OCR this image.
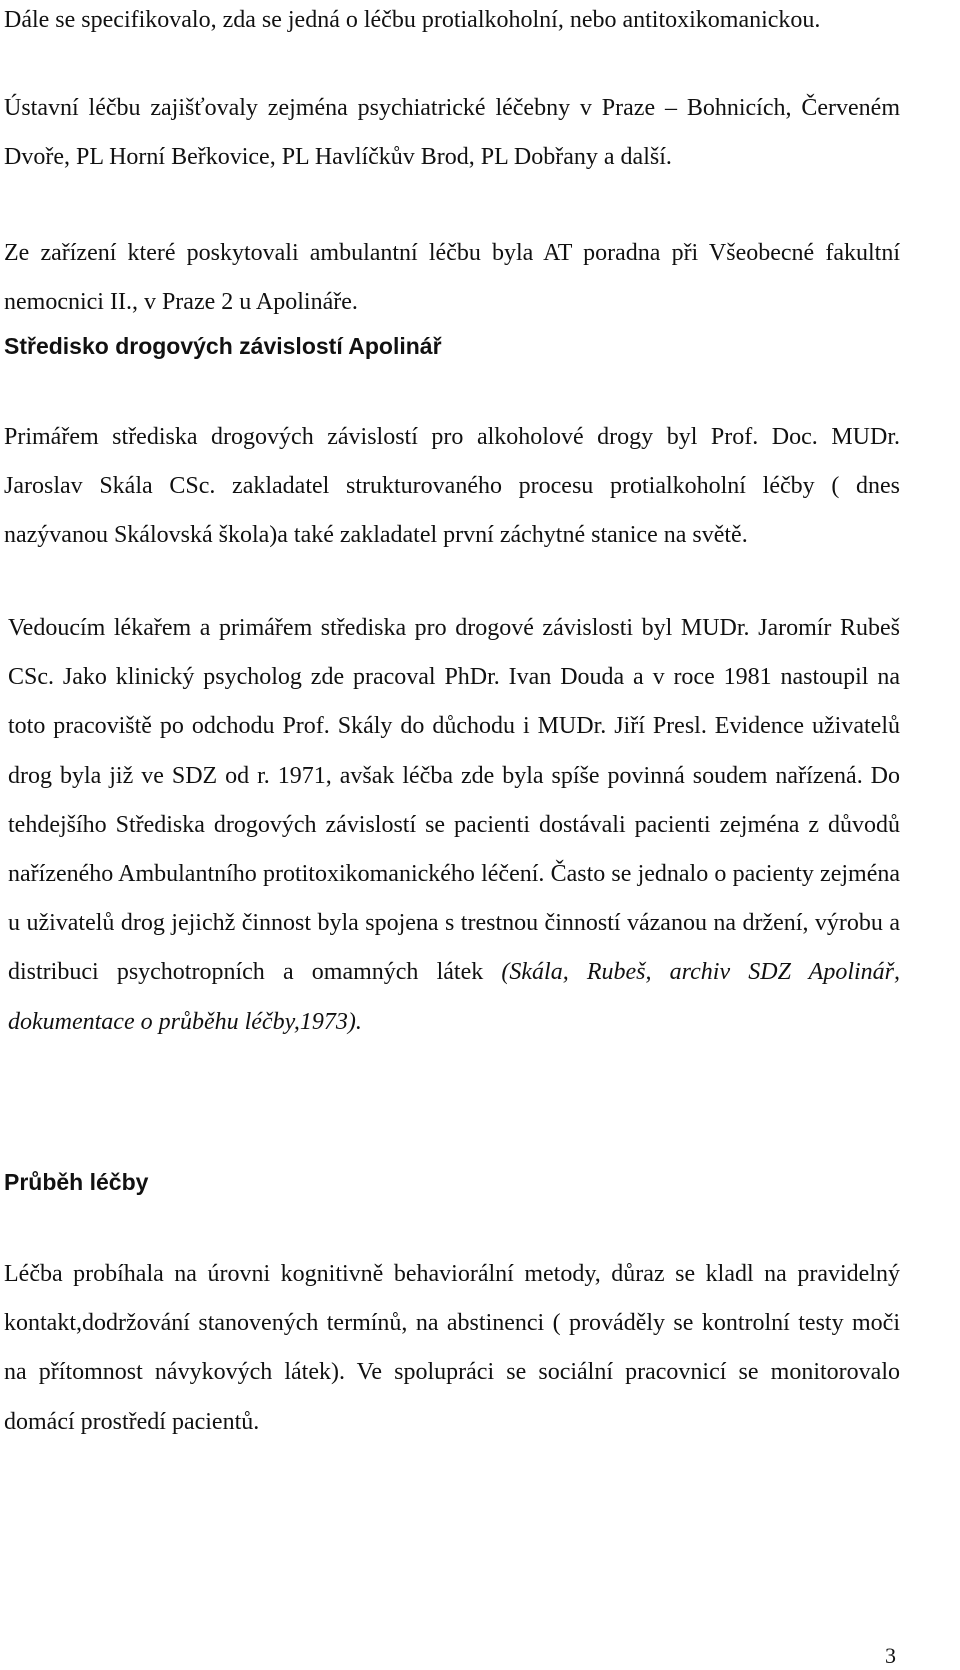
Dále se specifikovalo, zda se jedná o léčbu protialkoholní, nebo antitoxikomanickou.

Ústavní léčbu zajišťovaly zejména psychiatrické léčebny v Praze – Bohnicích, Červeném Dvoře, PL Horní Beřkovice, PL Havlíčkův Brod, PL Dobřany a další.

Ze zařízení které poskytovali ambulantní léčbu byla AT poradna při Všeobecné fakultní nemocnici II., v Praze 2 u Apolináře.

Středisko drogových závislostí Apolinář

Primářem střediska drogových závislostí pro alkoholové drogy byl Prof. Doc. MUDr. Jaroslav Skála CSc. zakladatel strukturovaného procesu protialkoholní léčby ( dnes nazývanou Skálovská škola)a také zakladatel první záchytné stanice na světě.

Vedoucím lékařem a primářem střediska pro drogové závislosti byl MUDr. Jaromír Rubeš CSc. Jako klinický psycholog zde pracoval PhDr. Ivan Douda a v roce 1981 nastoupil na toto pracoviště po odchodu Prof. Skály do důchodu i MUDr. Jiří Presl. Evidence uživatelů drog byla již ve SDZ od r. 1971, avšak léčba zde byla spíše povinná soudem nařízená. Do tehdejšího Střediska drogových závislostí se pacienti dostávali pacienti zejména z důvodů nařízeného Ambulantního protitoxikomanického léčení. Často se jednalo o pacienty zejména u uživatelů drog jejichž činnost byla spojena s trestnou činností vázanou na držení, výrobu a distribuci psychotropních a omamných látek (Skála, Rubeš, archiv SDZ Apolinář, dokumentace o průběhu léčby,1973).

Průběh léčby

Léčba probíhala na úrovni kognitivně behaviorální metody, důraz se kladl na pravidelný kontakt,dodržování stanovených termínů, na abstinenci ( prováděly se kontrolní testy moči na přítomnost návykových látek). Ve spolupráci se sociální pracovnicí se monitorovalo domácí prostředí pacientů.

3
